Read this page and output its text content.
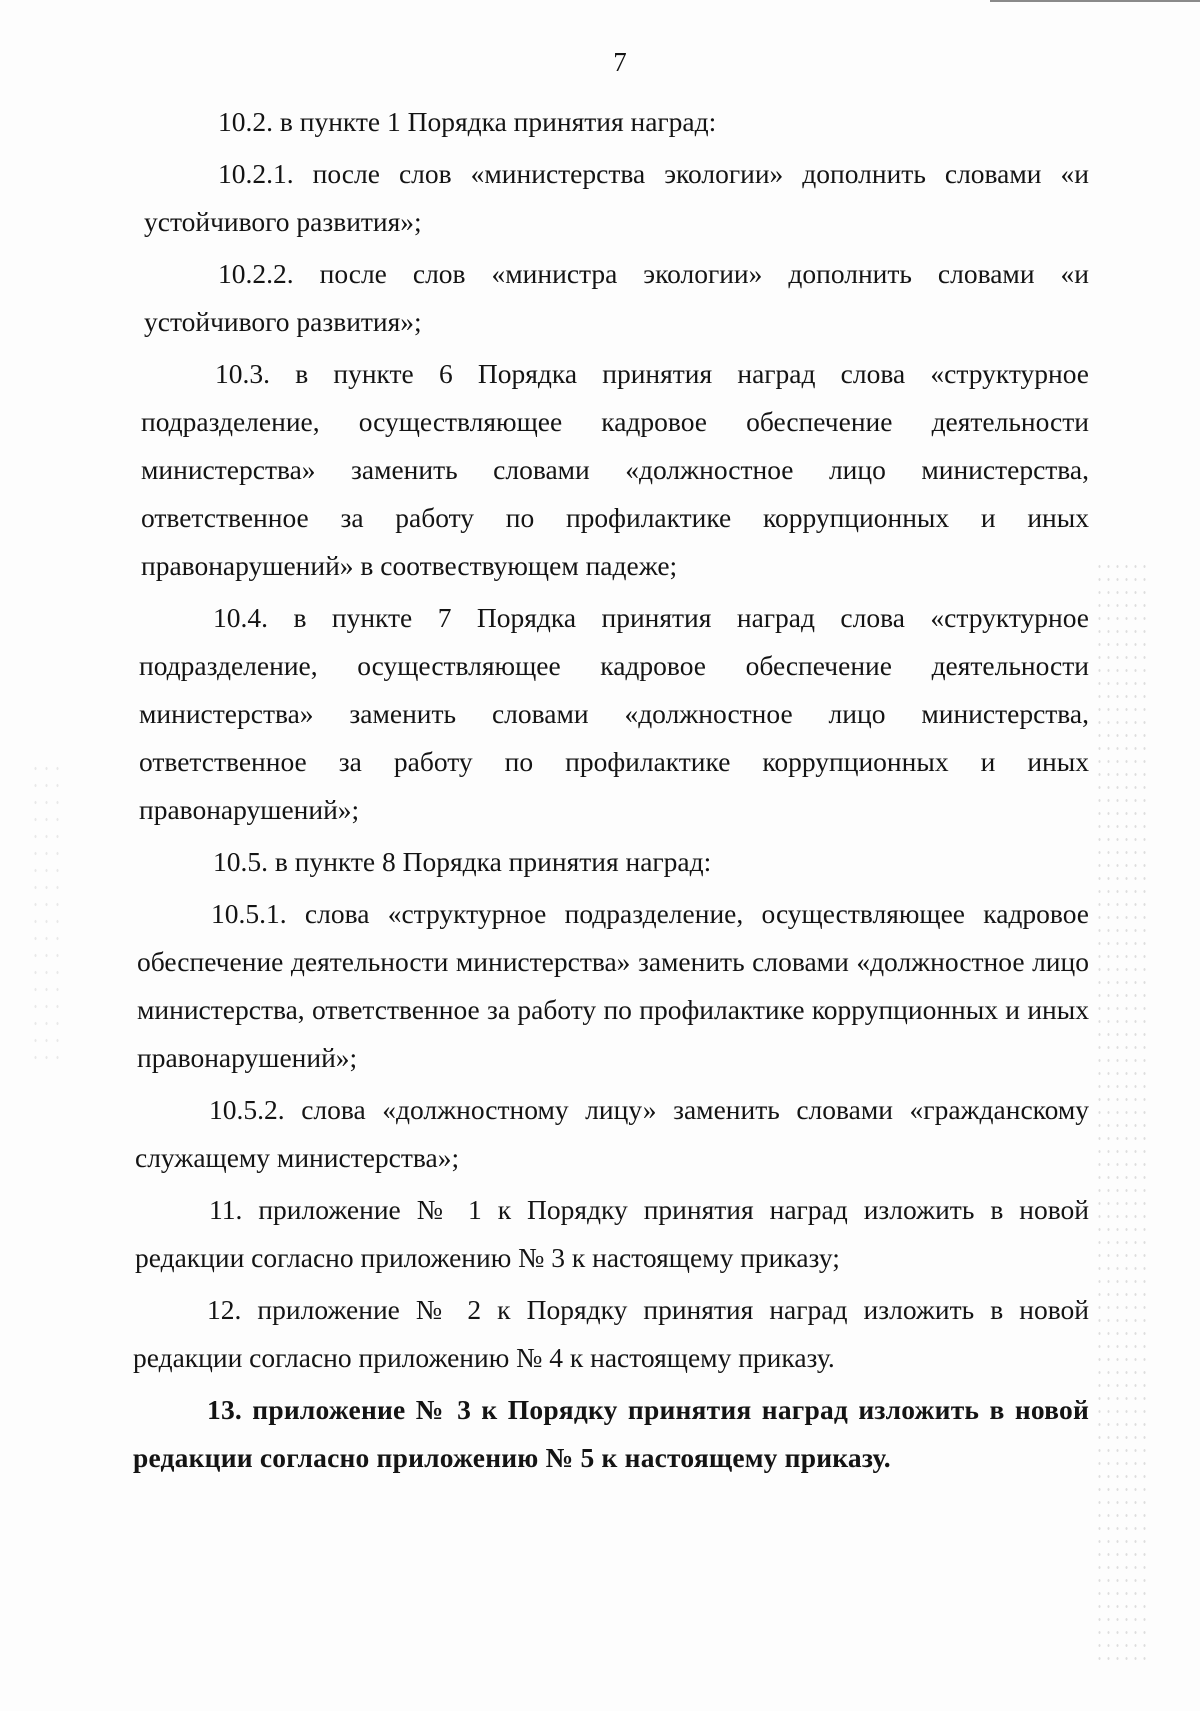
7

10.2. в пункте 1 Порядка принятия наград:

10.2.1. после слов «министерства экологии» дополнить словами «и устойчивого развития»;

10.2.2. после слов «министра экологии» дополнить словами «и устойчивого развития»;

10.3. в пункте 6 Порядка принятия наград слова «структурное подразделение, осуществляющее кадровое обеспечение деятельности министерства» заменить словами «должностное лицо министерства, ответственное за работу по профилактике коррупционных и иных правонарушений» в соотвествующем падеже;

10.4. в пункте 7 Порядка принятия наград слова «структурное подразделение, осуществляющее кадровое обеспечение деятельности министерства» заменить словами «должностное лицо министерства, ответственное за работу по профилактике коррупционных и иных правонарушений»;

10.5. в пункте 8 Порядка принятия наград:

10.5.1. слова «структурное подразделение, осуществляющее кадровое обеспечение деятельности министерства» заменить словами «должностное лицо министерства, ответственное за работу по профилактике коррупционных и иных правонарушений»;

10.5.2. слова «должностному лицу» заменить словами «гражданскому служащему министерства»;

11. приложение № 1 к Порядку принятия наград изложить в новой редакции согласно приложению № 3 к настоящему приказу;

12. приложение № 2 к Порядку принятия наград изложить в новой редакции согласно приложению № 4 к настоящему приказу.

13. приложение № 3 к Порядку принятия наград изложить в новой редакции согласно приложению № 5 к настоящему приказу.
